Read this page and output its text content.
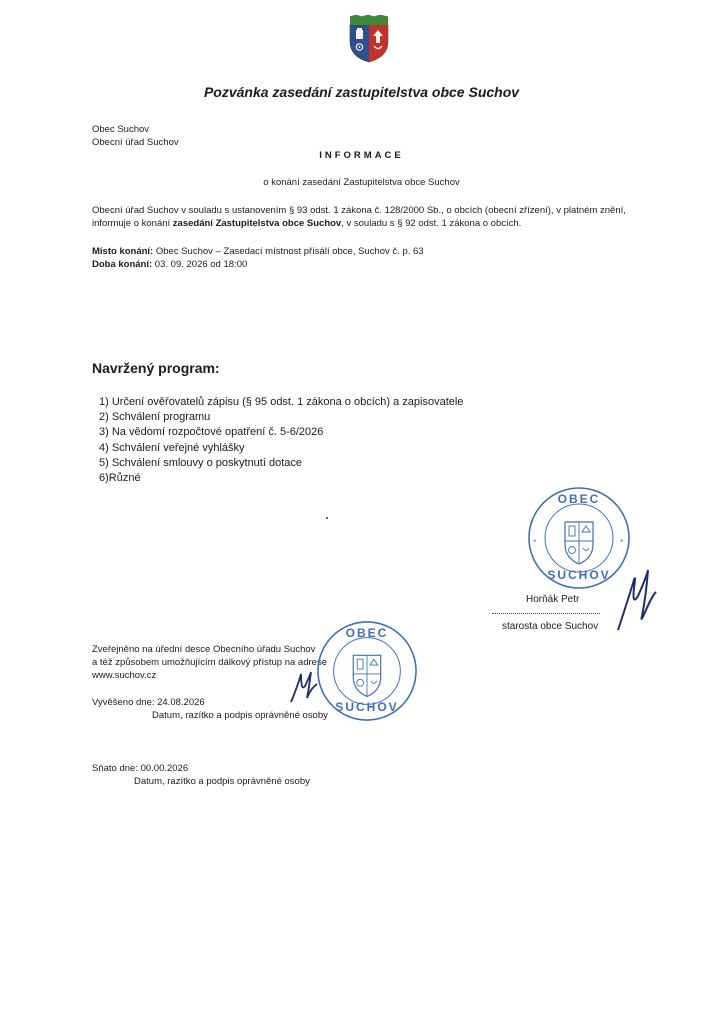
Pozvánka zasedání zastupitelstva obce Suchov
Obec Suchov
Obecní úřad Suchov
INFORMACE
o konání zasedání Zastupitelstva obce Suchov
Obecní úřad Suchov v souladu s ustanovením § 93 odst. 1 zákona č. 128/2000 Sb., o obcích (obecní zřízení), v platném znění, informuje o konání zasedání Zastupitelstva obce Suchov, v souladu s § 92 odst. 1 zákona o obcích.
Místo konání: Obec Suchov – Zasedací místnost přísálí obce, Suchov č. p. 63
Doba konání: 03. 09. 2026 od 18:00
Navržený program:
1) Určení ověřovatelů zápisu (§ 95 odst. 1 zákona o obcích) a zapisovatele
2) Schválení programu
3) Na vědomí rozpočtové opatření č. 5-6/2026
4) Schválení veřejné vyhlášky
5) Schválení smlouvy o poskytnutí dotace
6)Různé
*	*
OBEC
SUCHOV
Horňák Petr
starosta obce Suchov
Zveřejněno na úřední desce Obecního úřadu Suchov
a též způsobem umožňujícím dálkový přístup na adrese
www.suchov.cz
OBEC
SUCHOV
Vyvěšeno dne: 24.08.2026
Datum, razítko a podpis oprávněné osoby
Sňato dne: 00.00.2026
Datum, razítko a podpis oprávněné osoby
